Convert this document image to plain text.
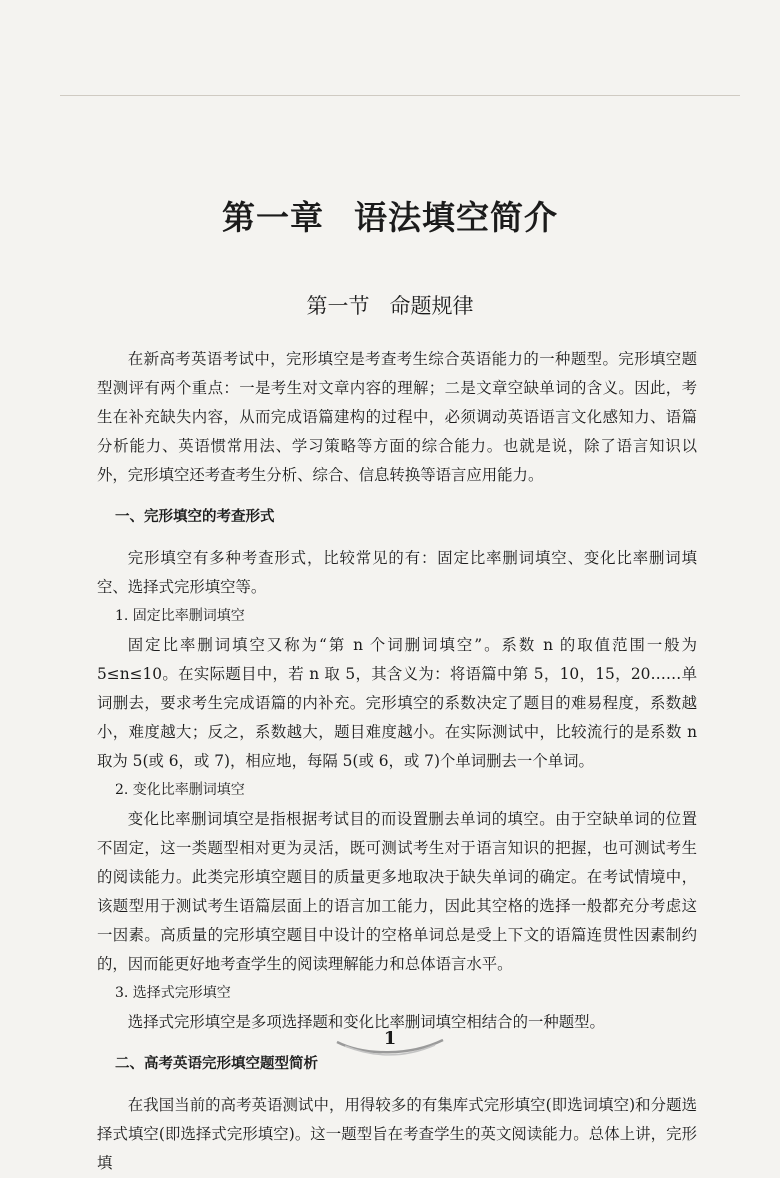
第一章 语法填空简介
第一节 命题规律

在新高考英语考试中，完形填空是考查考生综合英语能力的一种题型。完形填空题型测评有两个重点：一是考生对文章内容的理解；二是文章空缺单词的含义。因此，考生在补充缺失内容，从而完成语篇建构的过程中，必须调动英语语言文化感知力、语篇分析能力、英语惯常用法、学习策略等方面的综合能力。也就是说，除了语言知识以外，完形填空还考查考生分析、综合、信息转换等语言应用能力。

一、完形填空的考查形式

完形填空有多种考查形式，比较常见的有：固定比率删词填空、变化比率删词填空、选择式完形填空等。

1. 固定比率删词填空

固定比率删词填空又称为“第 n 个词删词填空”。系数 n 的取值范围一般为 5≤n≤10。在实际题目中，若 n 取 5，其含义为：将语篇中第 5，10，15，20……单词删去，要求考生完成语篇的内补充。完形填空的系数决定了题目的难易程度，系数越小，难度越大；反之，系数越大，题目难度越小。在实际测试中，比较流行的是系数 n 取为 5(或 6，或 7)，相应地，每隔 5(或 6，或 7)个单词删去一个单词。

2. 变化比率删词填空

变化比率删词填空是指根据考试目的而设置删去单词的填空。由于空缺单词的位置不固定，这一类题型相对更为灵活，既可测试考生对于语言知识的把握，也可测试考生的阅读能力。此类完形填空题目的质量更多地取决于缺失单词的确定。在考试情境中，该题型用于测试考生语篇层面上的语言加工能力，因此其空格的选择一般都充分考虑这一因素。高质量的完形填空题目中设计的空格单词总是受上下文的语篇连贯性因素制约的，因而能更好地考查学生的阅读理解能力和总体语言水平。

3. 选择式完形填空

选择式完形填空是多项选择题和变化比率删词填空相结合的一种题型。

二、高考英语完形填空题型简析

在我国当前的高考英语测试中，用得较多的有集库式完形填空(即选词填空)和分题选择式填空(即选择式完形填空)。这一题型旨在考查学生的英文阅读能力。总体上讲，完形填

1
